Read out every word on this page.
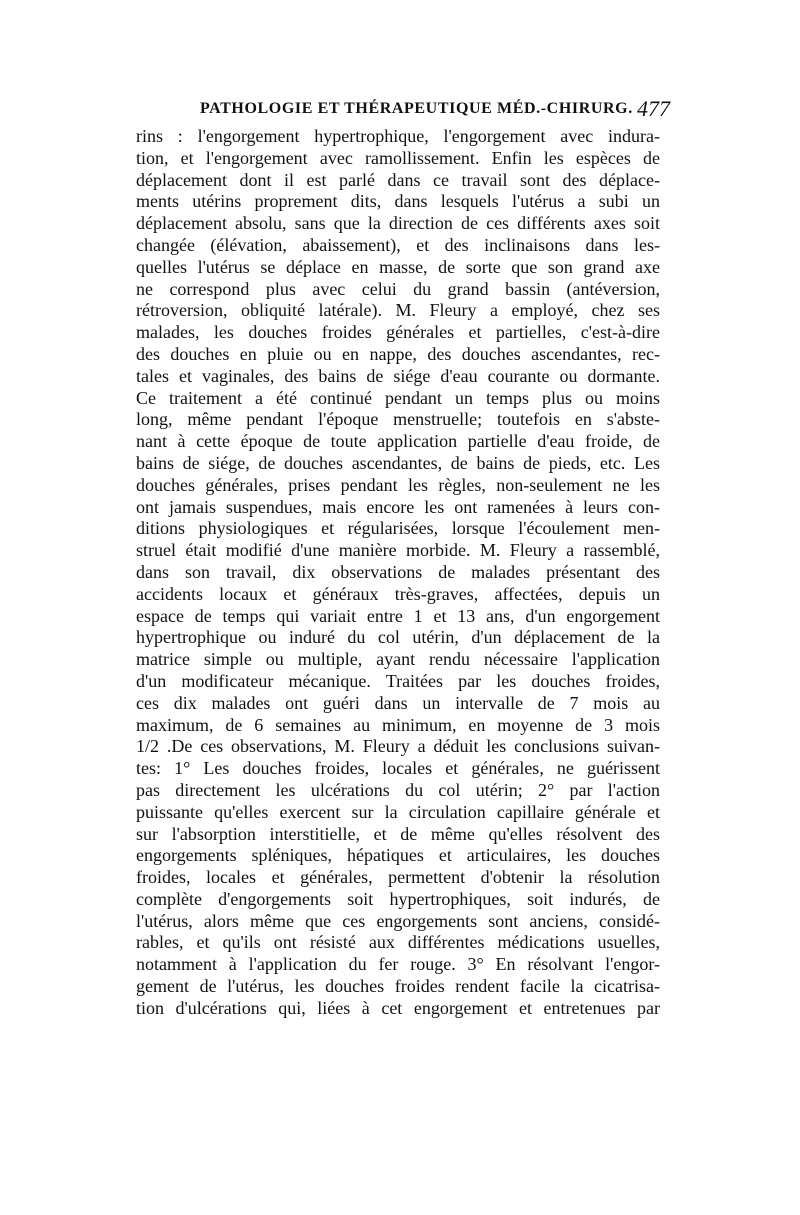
PATHOLOGIE ET THÉRAPEUTIQUE MÉD.-CHIRURG. 477
rins : l'engorgement hypertrophique, l'engorgement avec indura-
tion, et l'engorgement avec ramollissement. Enfin les espèces de
déplacement dont il est parlé dans ce travail sont des déplace-
ments utérins proprement dits, dans lesquels l'utérus a subi un
déplacement absolu, sans que la direction de ces différents axes soit
changée (élévation, abaissement), et des inclinaisons dans les-
quelles l'utérus se déplace en masse, de sorte que son grand axe
ne correspond plus avec celui du grand bassin (antéversion,
rétroversion, obliquité latérale). M. Fleury a employé, chez ses
malades, les douches froides générales et partielles, c'est-à-dire
des douches en pluie ou en nappe, des douches ascendantes, rec-
tales et vaginales, des bains de siége d'eau courante ou dormante.
Ce traitement a été continué pendant un temps plus ou moins
long, même pendant l'époque menstruelle; toutefois en s'abste-
nant à cette époque de toute application partielle d'eau froide, de
bains de siége, de douches ascendantes, de bains de pieds, etc. Les
douches générales, prises pendant les règles, non-seulement ne les
ont jamais suspendues, mais encore les ont ramenées à leurs con-
ditions physiologiques et régularisées, lorsque l'écoulement men-
struel était modifié d'une manière morbide. M. Fleury a rassemblé,
dans son travail, dix observations de malades présentant des
accidents locaux et généraux très-graves, affectées, depuis un
espace de temps qui variait entre 1 et 13 ans, d'un engorgement
hypertrophique ou induré du col utérin, d'un déplacement de la
matrice simple ou multiple, ayant rendu nécessaire l'application
d'un modificateur mécanique. Traitées par les douches froides,
ces dix malades ont guéri dans un intervalle de 7 mois au
maximum, de 6 semaines au minimum, en moyenne de 3 mois
1/2 .De ces observations, M. Fleury a déduit les conclusions suivan-
tes: 1° Les douches froides, locales et générales, ne guérissent
pas directement les ulcérations du col utérin; 2° par l'action
puissante qu'elles exercent sur la circulation capillaire générale et
sur l'absorption interstitielle, et de même qu'elles résolvent des
engorgements spléniques, hépatiques et articulaires, les douches
froides, locales et générales, permettent d'obtenir la résolution
complète d'engorgements soit hypertrophiques, soit indurés, de
l'utérus, alors même que ces engorgements sont anciens, considé-
rables, et qu'ils ont résisté aux différentes médications usuelles,
notamment à l'application du fer rouge. 3° En résolvant l'engor-
gement de l'utérus, les douches froides rendent facile la cicatrisa-
tion d'ulcérations qui, liées à cet engorgement et entretenues par
